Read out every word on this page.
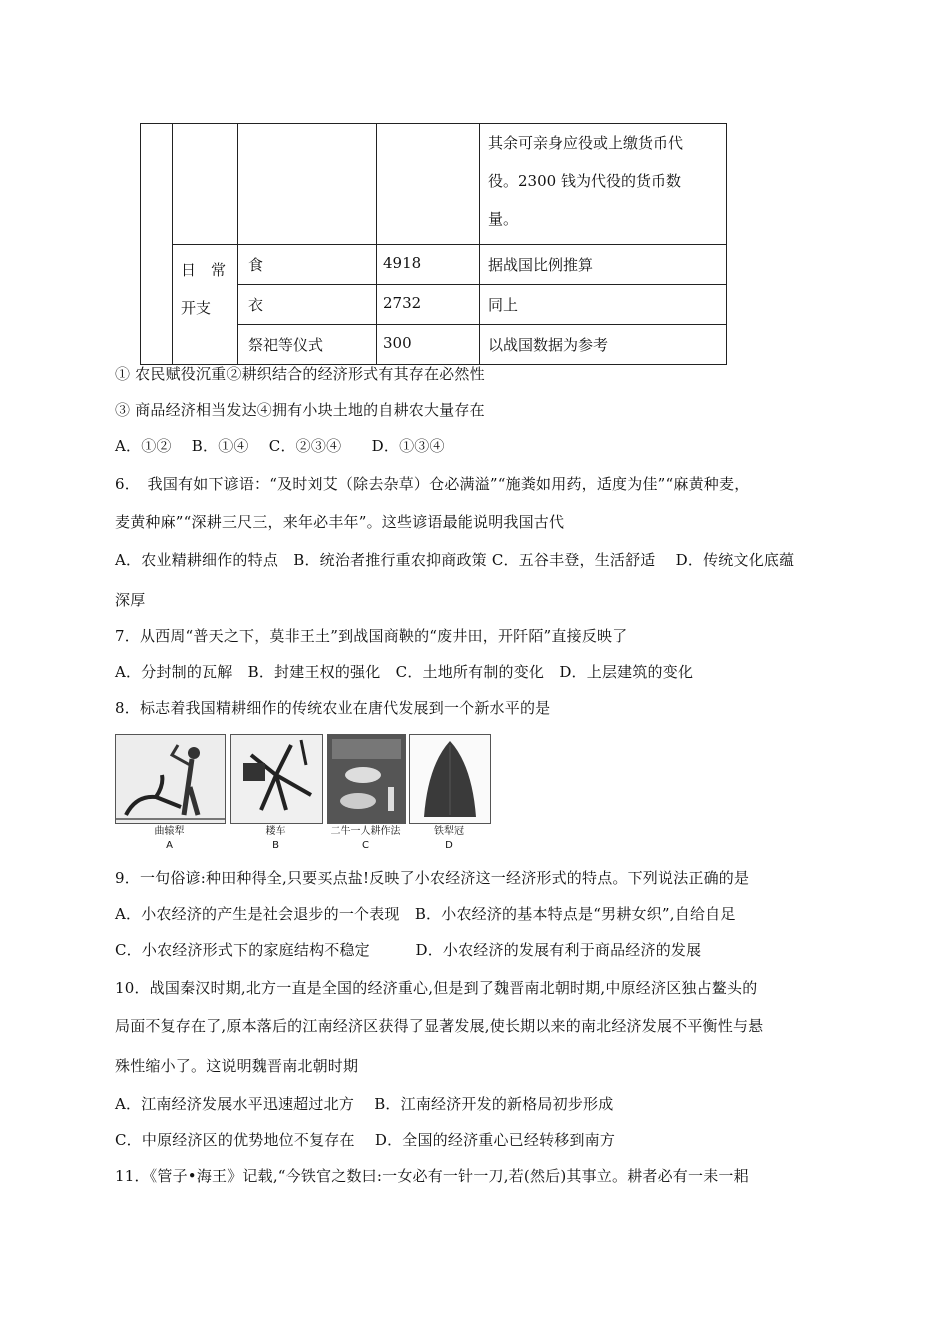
				其余可亲身应役或上缴货币代
役。2300 钱为代役的货币数
量。

	日　常
开支	食	4918	据战国比例推算

		衣	2732	同上

		祭祀等仪式	300	以战国数据为参考
① 农民赋役沉重②耕织结合的经济形式有其存在必然性
③ 商品经济相当发达④拥有小块土地的自耕农大量存在
A．①②　 B．①④　 C．②③④　　D．①③④
6．　我国有如下谚语：“及时刘艾（除去杂草）仓必满溢”“施粪如用药，适度为佳”“麻黄种麦，
麦黄种麻”“深耕三尺三，来年必丰年”。这些谚语最能说明我国古代
A．农业精耕细作的特点　B．统治者推行重农抑商政策 C．五谷丰登，生活舒适　 D．传统文化底蕴
深厚
7．从西周“普天之下，莫非王土”到战国商鞅的“废井田，开阡陌”直接反映了
A．分封制的瓦解　B．封建王权的强化　C．土地所有制的变化　D．上层建筑的变化
8．标志着我国精耕细作的传统农业在唐代发展到一个新水平的是
曲辕犁
A
耧车
B
二牛一人耕作法
C
铁犁冠
D
9．一句俗谚:种田种得全,只要买点盐!反映了小农经济这一经济形式的特点。下列说法正确的是
A．小农经济的产生是社会退步的一个表现　B．小农经济的基本特点是“男耕女织”,自给自足
C．小农经济形式下的家庭结构不稳定　　　D．小农经济的发展有利于商品经济的发展
10．战国秦汉时期,北方一直是全国的经济重心,但是到了魏晋南北朝时期,中原经济区独占鳌头的
局面不复存在了,原本落后的江南经济区获得了显著发展,使长期以来的南北经济发展不平衡性与悬
殊性缩小了。这说明魏晋南北朝时期
A．江南经济发展水平迅速超过北方　 B．江南经济开发的新格局初步形成
C．中原经济区的优势地位不复存在　 D．全国的经济重心已经转移到南方
11．《管子•海王》记载,“今铁官之数曰:一女必有一针一刀,若(然后)其事立。耕者必有一耒一耜
